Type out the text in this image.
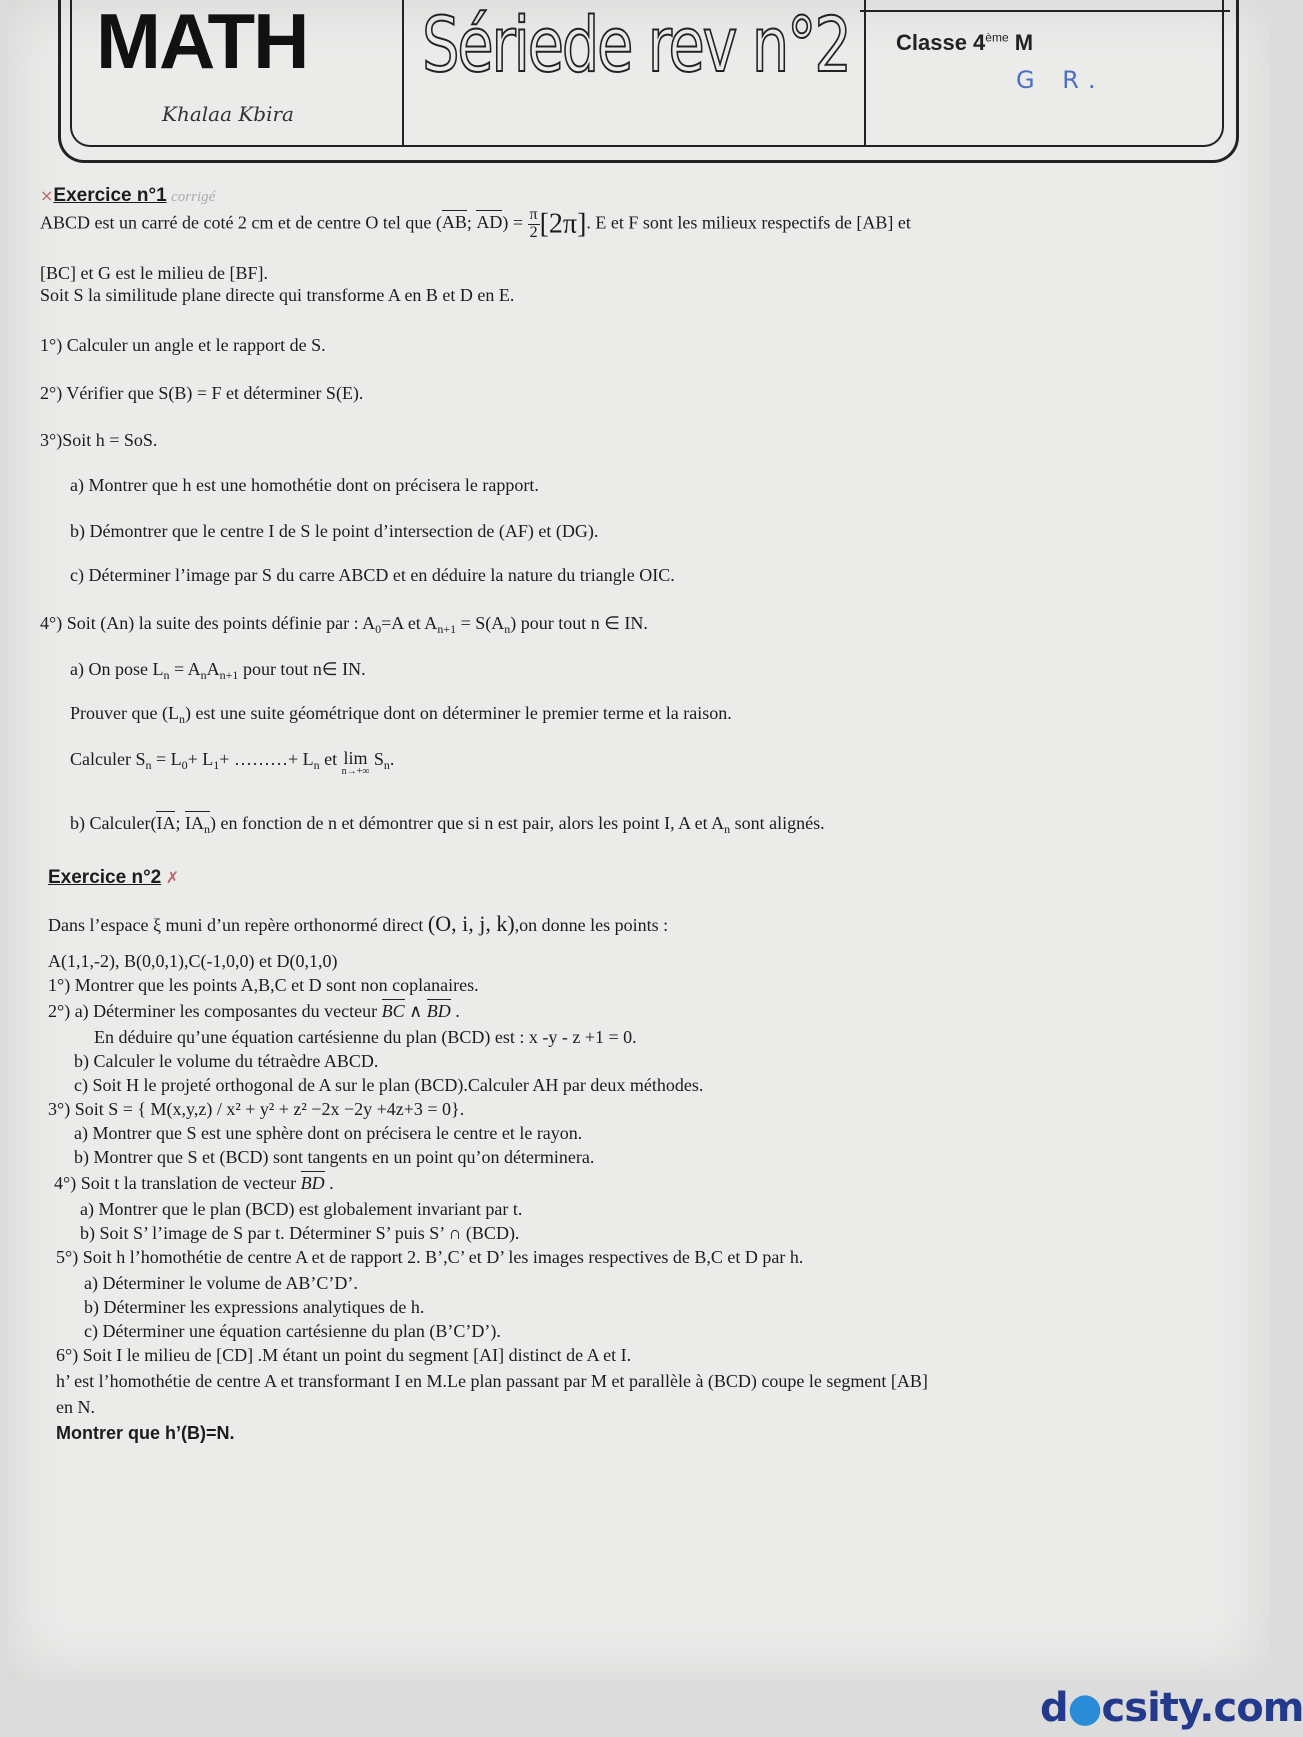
MATH
Khalaa Kbira
Sériede rev n°2 Classe 4ème M
G R.
×Exercice n°1 corrigé
ABCD est un carré de coté 2 cm et de centre O tel que (AB; $AD) = \frac{\pi}{2} [2\pi]$. E et F sont les milieux respectifs de [AB] et
[BC] et G est le milieu de [BF].
Soit S la similitude plane directe qui transforme A en B et D en E.
1°) Calculer un angle et le rapport de S.
2°) Vérifier que S(B) = F et déterminer S(E).
3°)Soit h = SoS.
a) Montrer que h est une homothétie dont on précisera le rapport.
b) Démontrer que le centre I de S le point d’intersection de (AF) et (DG).
c) Déterminer l’image par S du carre ABCD et en déduire la nature du triangle OIC.
4°) Soit (An) la suite des points définie par : $A_0=A$ et $A_{n+1} = S(A_n)$ pour tout n ∈ IN.
a) On pose $L_n = A_nA_{n+1}$ pour tout n∈ IN.
Prouver que $(L_n)$ est une suite géométrique dont on déterminer le premier terme et la raison.
Calculer $S_n = L_0+ L_1+$ ………+ $L_n$ et lim
n→+∞
$S_n$.
b) Calculer(IA; $IA_n$) en fonction de n et démontrer que si n est pair, alors les point I, A et $A_n$ sont alignés.
Exercice n°2 ✗
Dans l’espace ξ muni d’un repère orthonormé direct (O, i, j, k),on donne les points :
A(1,1,-2), B(0,0,1),C(-1,0,0) et D(0,1,0)
1°) Montrer que les points A,B,C et D sont non coplanaires.
2°) a) Déterminer les composantes du vecteur BC ∧ BD .
En déduire qu’une équation cartésienne du plan (BCD) est : x -y - z +1 = 0.
b) Calculer le volume du tétraèdre ABCD.
c) Soit H le projeté orthogonal de A sur le plan (BCD).Calculer AH par deux méthodes.
3°) Soit S = { M(x,y,z) / x² + y² + z² −2x −2y +4z+3 = 0}.
a) Montrer que S est une sphère dont on précisera le centre et le rayon.
b) Montrer que S et (BCD) sont tangents en un point qu’on déterminera.
4°) Soit t la translation de vecteur BD .
a) Montrer que le plan (BCD) est globalement invariant par t.
b) Soit S’ l’image de S par t. Déterminer S’ puis S’ ∩ (BCD).
5°) Soit h l’homothétie de centre A et de rapport 2. B’,C’ et D’ les images respectives de B,C et D par h.
a) Déterminer le volume de AB’C’D’.
b) Déterminer les expressions analytiques de h.
c) Déterminer une équation cartésienne du plan (B’C’D’).
6°) Soit I le milieu de [CD] .M étant un point du segment [AI] distinct de A et I.
h’ est l’homothétie de centre A et transformant I en M.Le plan passant par M et parallèle à (BCD) coupe le segment [AB]
en N.
Montrer que h’(B)=N.
d●csity.com
